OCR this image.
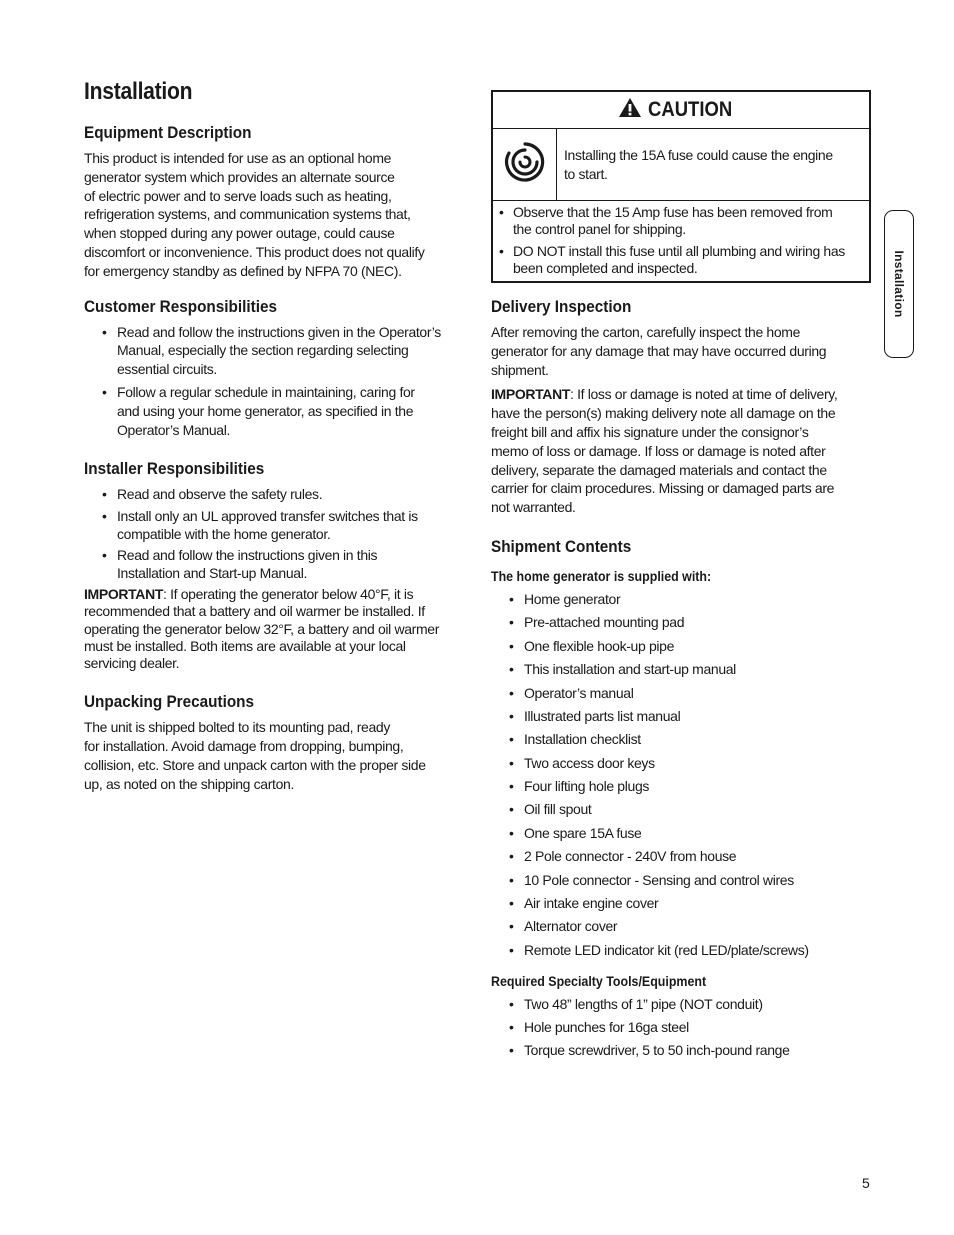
Installation
Equipment Description

This product is intended for use as an optional home
generator system which provides an alternate source
of electric power and to serve loads such as heating,
refrigeration systems, and communication systems that,
when stopped during any power outage, could cause
discomfort or inconvenience. This product does not qualify
for emergency standby as defined by NFPA 70 (NEC).

Customer Responsibilities
• Read and follow the instructions given in the Operator’s
Manual, especially the section regarding selecting
essential circuits.
• Follow a regular schedule in maintaining, caring for
and using your home generator, as specified in the
Operator’s Manual.
Installer Responsibilities
• Read and observe the safety rules.
• Install only an UL approved transfer switches that is
compatible with the home generator.
• Read and follow the instructions given in this
Installation and Start-up Manual.

IMPORTANT: If operating the generator below 40°F, it is
recommended that a battery and oil warmer be installed. If
operating the generator below 32°F, a battery and oil warmer
must be installed. Both items are available at your local
servicing dealer.

Unpacking Precautions

The unit is shipped bolted to its mounting pad, ready
for installation. Avoid damage from dropping, bumping,
collision, etc. Store and unpack carton with the proper side
up, as noted on the shipping carton.

CAUTION
Installing the 15A fuse could cause the engine
to start.
• Observe that the 15 Amp fuse has been removed from
the control panel for shipping.
• DO NOT install this fuse until all plumbing and wiring has
been completed and inspected.
Delivery Inspection

After removing the carton, carefully inspect the home
generator for any damage that may have occurred during
shipment.

IMPORTANT: If loss or damage is noted at time of delivery,
have the person(s) making delivery note all damage on the
freight bill and affix his signature under the consignor’s
memo of loss or damage. If loss or damage is noted after
delivery, separate the damaged materials and contact the
carrier for claim procedures. Missing or damaged parts are
not warranted.

Shipment Contents
The home generator is supplied with:
• Home generator
• Pre-attached mounting pad
• One flexible hook-up pipe
• This installation and start-up manual
• Operator’s manual
• Illustrated parts list manual
• Installation checklist
• Two access door keys
• Four lifting hole plugs
• Oil fill spout
• One spare 15A fuse
• 2 Pole connector - 240V from house
• 10 Pole connector - Sensing and control wires
• Air intake engine cover
• Alternator cover
• Remote LED indicator kit (red LED/plate/screws)
Required Specialty Tools/Equipment
• Two 48” lengths of 1” pipe (NOT conduit)
• Hole punches for 16ga steel
• Torque screwdriver, 5 to 50 inch-pound range
Installation
5
